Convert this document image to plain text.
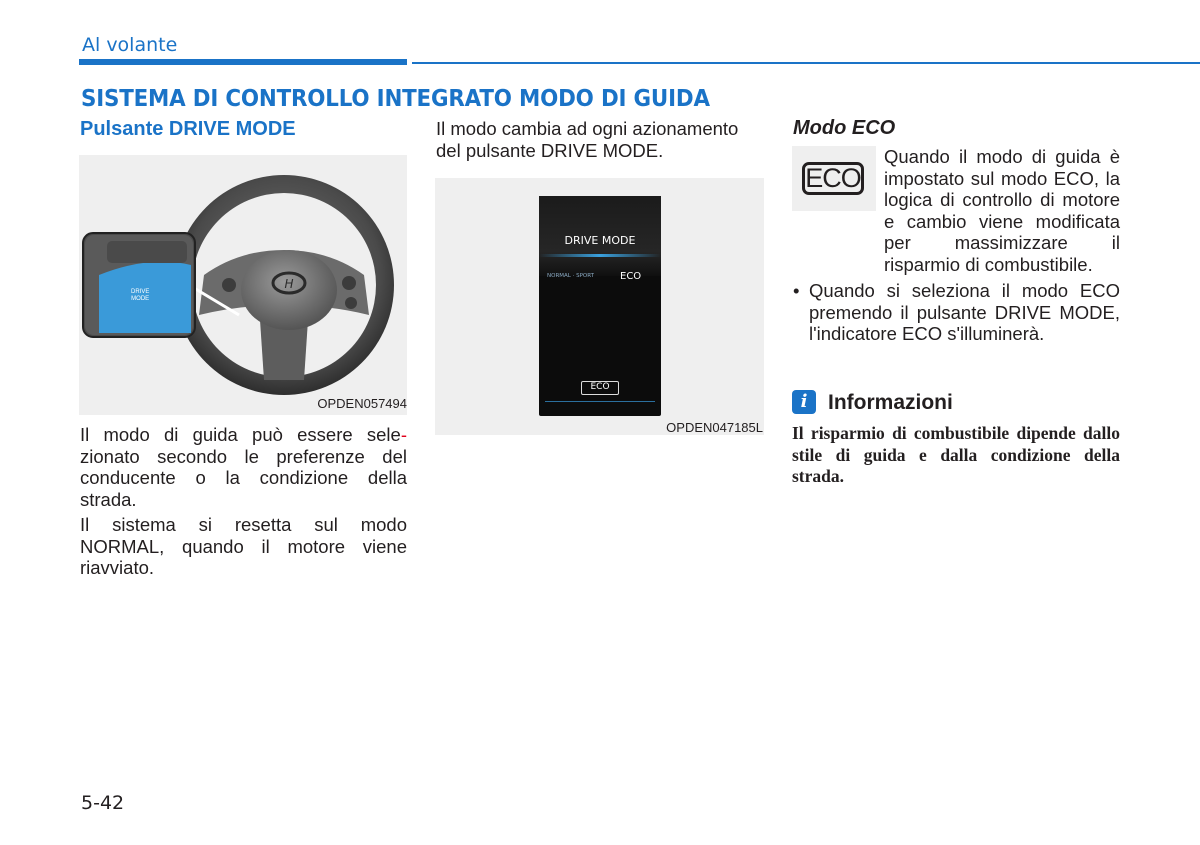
Al volante
SISTEMA DI CONTROLLO INTEGRATO MODO DI GUIDA
Pulsante DRIVE MODE
H
DRIVE
MODE
OPDEN057494
Il modo di guida può essere sele-zionato secondo le preferenze del conducente o la condizione della strada.
Il sistema si resetta sul modo NORMAL, quando il motore viene riavviato.
Il modo cambia ad ogni azionamento del pulsante DRIVE MODE.
DRIVE MODE
NORMAL · SPORT	ECO
ECO
OPDEN047185L
Modo ECO
ECO
Quando il modo di guida è impostato sul modo ECO, la logica di controllo di motore e cambio viene modificata per massimizzare il risparmio di combustibile.
• Quando si seleziona il modo ECO premendo il pulsante DRIVE MODE, l'indicatore ECO s'illuminerà.
i Informazioni
Il risparmio di combustibile dipende dallo stile di guida e dalla condizione della strada.
5-42
